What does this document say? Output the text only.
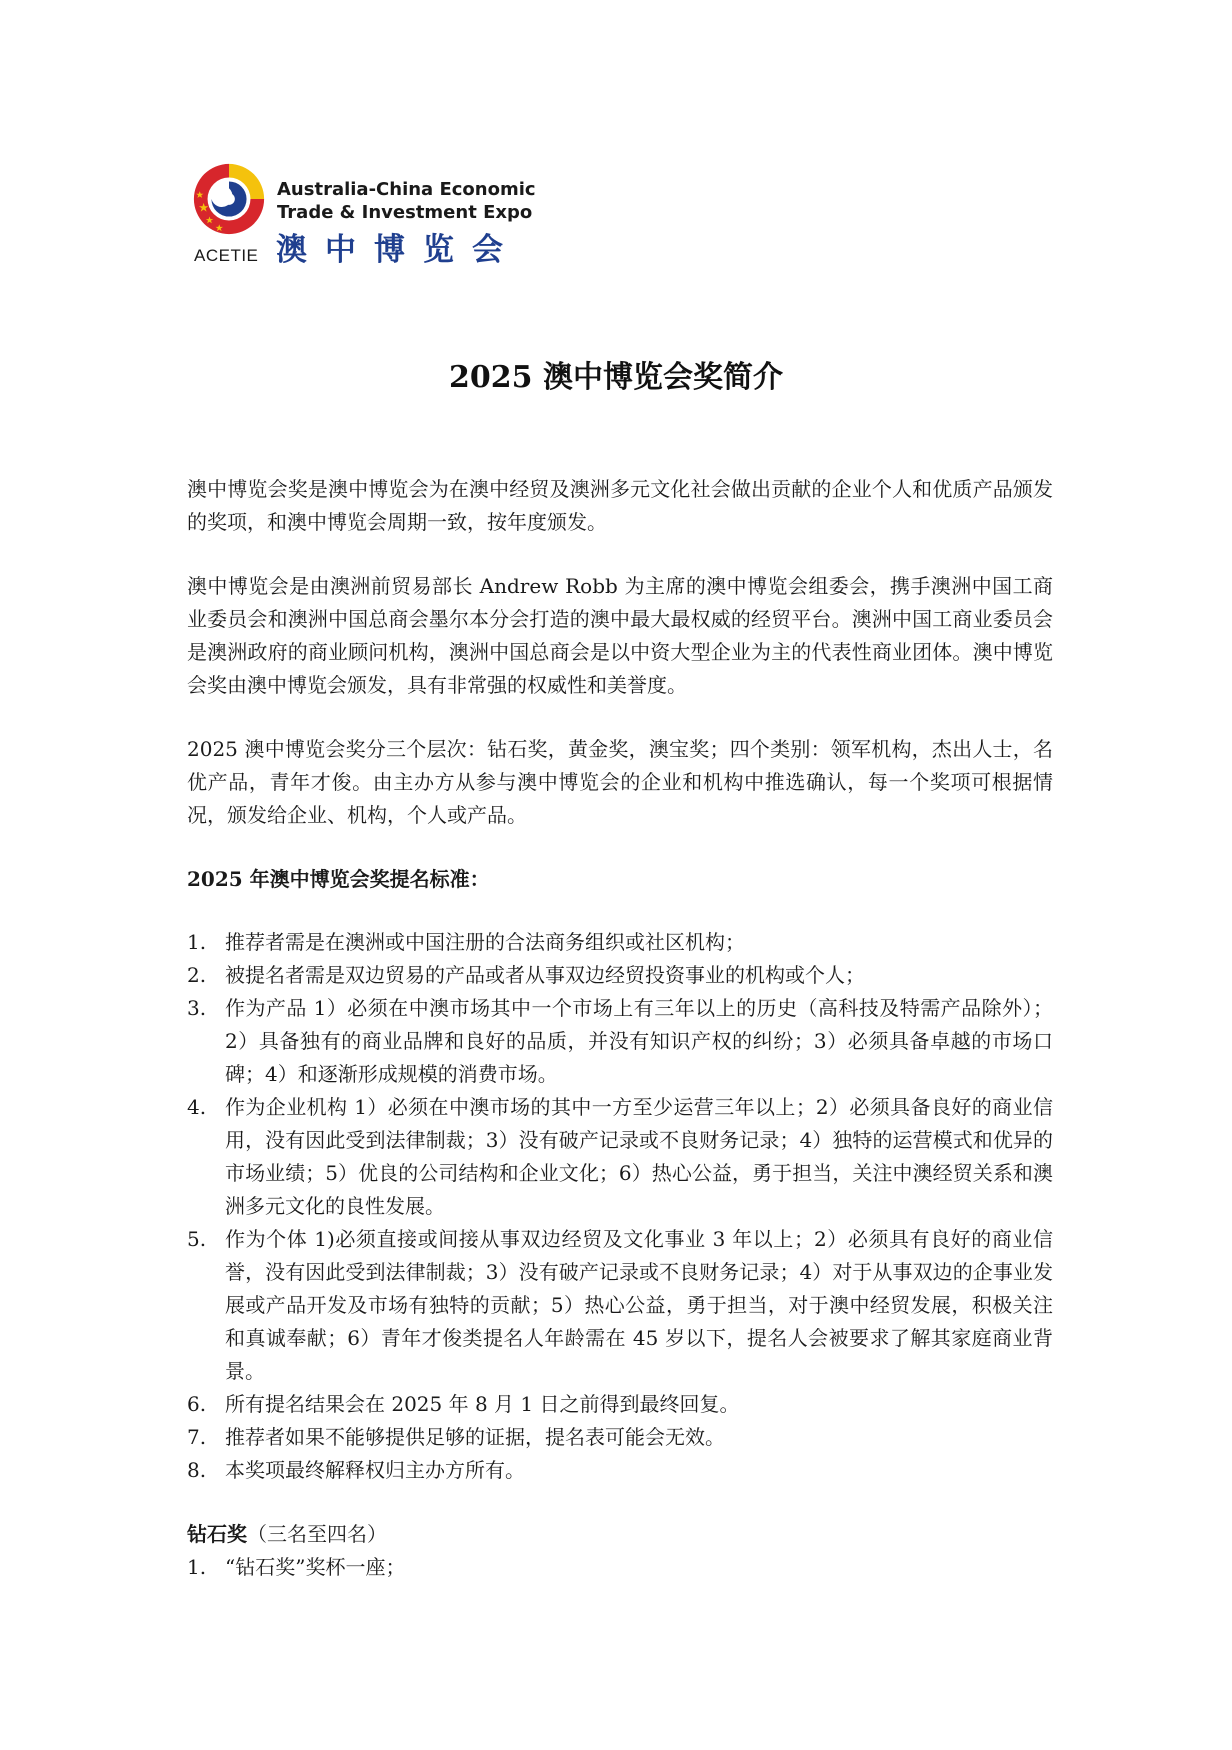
ACETIE
Australia-China Economic
Trade & Investment Expo
澳中博览会
2025 澳中博览会奖简介

澳中博览会奖是澳中博览会为在澳中经贸及澳洲多元文化社会做出贡献的企业个人和优质产品颁发的奖项，和澳中博览会周期一致，按年度颁发。

澳中博览会是由澳洲前贸易部长 Andrew Robb 为主席的澳中博览会组委会，携手澳洲中国工商业委员会和澳洲中国总商会墨尔本分会打造的澳中最大最权威的经贸平台。澳洲中国工商业委员会是澳洲政府的商业顾问机构，澳洲中国总商会是以中资大型企业为主的代表性商业团体。澳中博览会奖由澳中博览会颁发，具有非常强的权威性和美誉度。

2025 澳中博览会奖分三个层次：钻石奖，黄金奖，澳宝奖；四个类别：领军机构，杰出人士，名优产品，青年才俊。由主办方从参与澳中博览会的企业和机构中推选确认，每一个奖项可根据情况，颁发给企业、机构，个人或产品。

2025 年澳中博览会奖提名标准：
1. 推荐者需是在澳洲或中国注册的合法商务组织或社区机构；
2. 被提名者需是双边贸易的产品或者从事双边经贸投资事业的机构或个人；
3. 作为产品 1）必须在中澳市场其中一个市场上有三年以上的历史（高科技及特需产品除外）；2）具备独有的商业品牌和良好的品质，并没有知识产权的纠纷；3）必须具备卓越的市场口碑；4）和逐渐形成规模的消费市场。
4. 作为企业机构 1）必须在中澳市场的其中一方至少运营三年以上；2）必须具备良好的商业信用，没有因此受到法律制裁；3）没有破产记录或不良财务记录；4）独特的运营模式和优异的市场业绩；5）优良的公司结构和企业文化；6）热心公益，勇于担当，关注中澳经贸关系和澳洲多元文化的良性发展。
5. 作为个体 1)必须直接或间接从事双边经贸及文化事业 3 年以上；2）必须具有良好的商业信誉，没有因此受到法律制裁；3）没有破产记录或不良财务记录；4）对于从事双边的企事业发展或产品开发及市场有独特的贡献；5）热心公益，勇于担当，对于澳中经贸发展，积极关注和真诚奉献；6）青年才俊类提名人年龄需在 45 岁以下，提名人会被要求了解其家庭商业背景。
6. 所有提名结果会在 2025 年 8 月 1 日之前得到最终回复。
7. 推荐者如果不能够提供足够的证据，提名表可能会无效。
8. 本奖项最终解释权归主办方所有。
钻石奖（三名至四名）
1. “钻石奖”奖杯一座；
